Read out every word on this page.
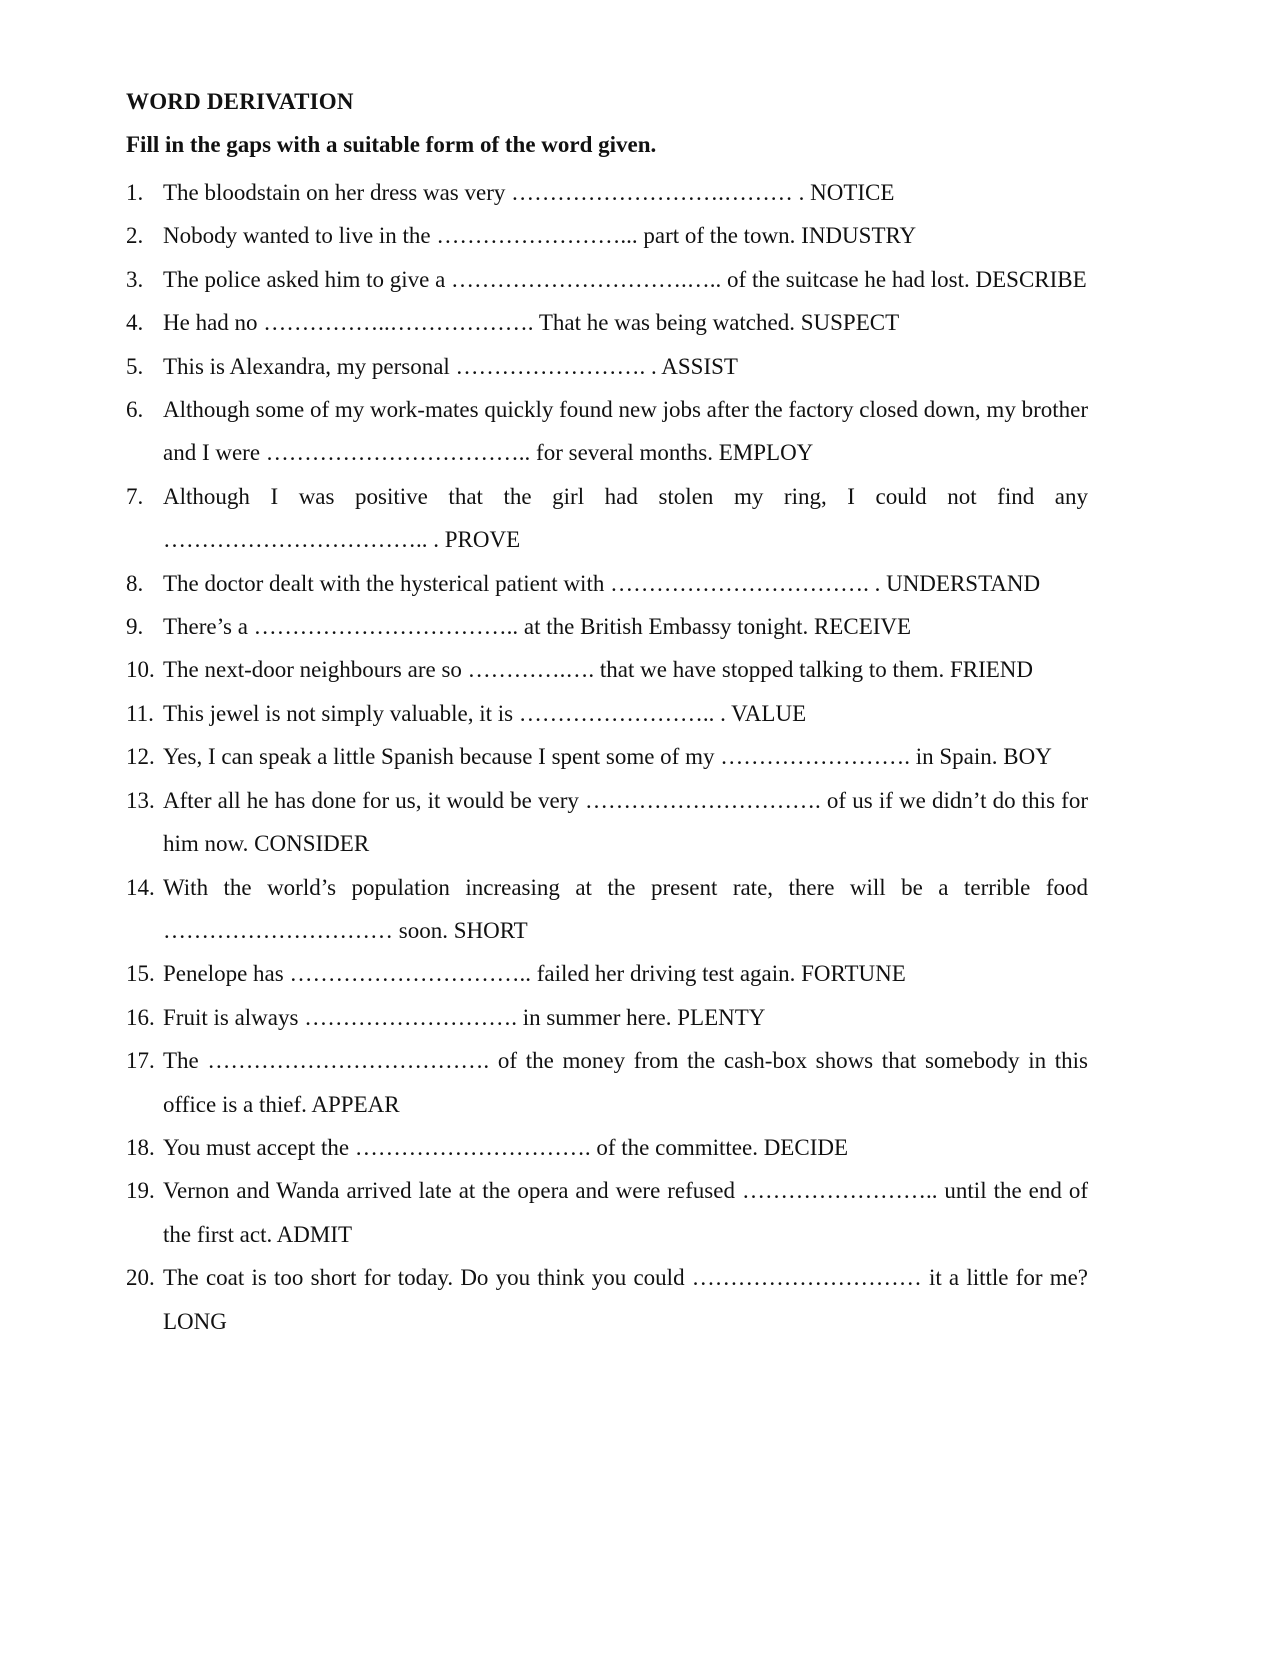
WORD DERIVATION
Fill in the gaps with a suitable form of the word given.
1. The bloodstain on her dress was very ……………………….……… . NOTICE
2. Nobody wanted to live in the ……………………... part of the town. INDUSTRY
3. The police asked him to give a ………………………….….. of the suitcase he had lost. DESCRIBE
4. He had no ……………..………………. That he was being watched. SUSPECT
5. This is Alexandra, my personal ……………………. . ASSIST
6. Although some of my work-mates quickly found new jobs after the factory closed down, my brother and I were …………………………….. for several months. EMPLOY
7. Although I was positive that the girl had stolen my ring, I could not find any …………………………….. . PROVE
8. The doctor dealt with the hysterical patient with ……………………………. . UNDERSTAND
9. There’s a …………………………….. at the British Embassy tonight. RECEIVE
10. The next-door neighbours are so ………….…. that we have stopped talking to them. FRIEND
11. This jewel is not simply valuable, it is …………………….. . VALUE
12. Yes, I can speak a little Spanish because I spent some of my ……………………. in Spain. BOY
13. After all he has done for us, it would be very …………………………. of us if we didn’t do this for him now. CONSIDER
14. With the world’s population increasing at the present rate, there will be a terrible food ………………………… soon. SHORT
15. Penelope has ………………………….. failed her driving test again. FORTUNE
16. Fruit is always ………………………. in summer here. PLENTY
17. The ………………………………. of the money from the cash-box shows that somebody in this office is a thief. APPEAR
18. You must accept the …………………………. of the committee. DECIDE
19. Vernon and Wanda arrived late at the opera and were refused …………………….. until the end of the first act. ADMIT
20. The coat is too short for today. Do you think you could ………………………… it a little for me? LONG
